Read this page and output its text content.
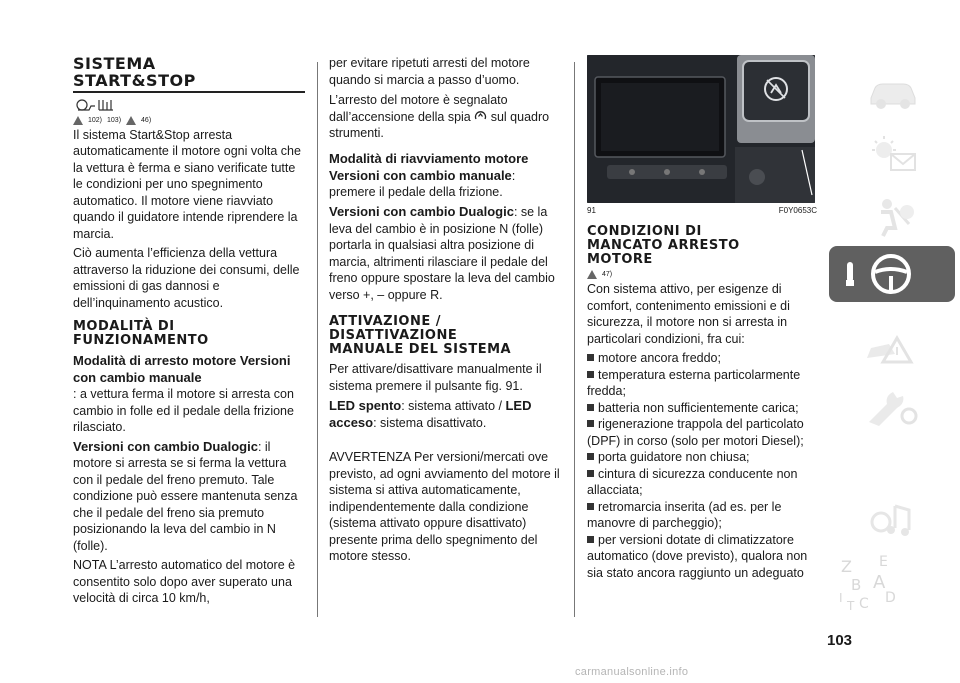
SISTEMA
START&STOP
102) 103)	46)

Il sistema Start&Stop arresta automaticamente il motore ogni volta che la vettura è ferma e siano verificate tutte le condizioni per uno spegnimento automatico. Il motore viene riavviato quando il guidatore intende riprendere la marcia.

Ciò aumenta l’efficienza della vettura attraverso la riduzione dei consumi, delle emissioni di gas dannosi e dell’inquinamento acustico.

MODALITÀ DI
FUNZIONAMENTO
Modalità di arresto motore Versioni con cambio manuale

: a vettura ferma il motore si arresta con cambio in folle ed il pedale della frizione rilasciato.

Versioni con cambio Dualogic: il motore si arresta se si ferma la vettura con il pedale del freno premuto. Tale condizione può essere mantenuta senza che il pedale del freno sia premuto posizionando la leva del cambio in N (folle).

NOTA L’arresto automatico del motore è consentito solo dopo aver superato una velocità di circa 10 km/h,

per evitare ripetuti arresti del motore quando si marcia a passo d’uomo.

L’arresto del motore è segnalato dall’accensione della spia sul quadro strumenti.

Modalità di riavviamento motore
Versioni con cambio manuale:

premere il pedale della frizione.

Versioni con cambio Dualogic: se la leva del cambio è in posizione N (folle) portarla in qualsiasi altra posizione di marcia, altrimenti rilasciare il pedale del freno oppure spostare la leva del cambio verso +, – oppure R.

ATTIVAZIONE /
DISATTIVAZIONE
MANUALE DEL SISTEMA

Per attivare/disattivare manualmente il sistema premere il pulsante fig. 91.

LED spento: sistema attivato / LED acceso: sistema disattivato.

AVVERTENZA Per versioni/mercati ove previsto, ad ogni avviamento del motore il sistema si attiva automaticamente, indipendentemente dalla condizione (sistema attivato oppure disattivato) presente prima dello spegnimento del motore stesso.

91	F0Y0653C
CONDIZIONI DI
MANCATO ARRESTO
MOTORE
47)

Con sistema attivo, per esigenze di comfort, contenimento emissioni e di sicurezza, il motore non si arresta in particolari condizioni, fra cui:

motore ancora freddo;

temperatura esterna particolarmente fredda;

batteria non sufficientemente carica;

rigenerazione trappola del particolato (DPF) in corso (solo per motori Diesel);

porta guidatore non chiusa;

cintura di sicurezza conducente non allacciata;

retromarcia inserita (ad es. per le manovre di parcheggio);

per versioni dotate di climatizzatore automatico (dove previsto), qualora non sia stato ancora raggiunto un adeguato	Z E
B A
C D
I
T
103
carmanualsonline.info
